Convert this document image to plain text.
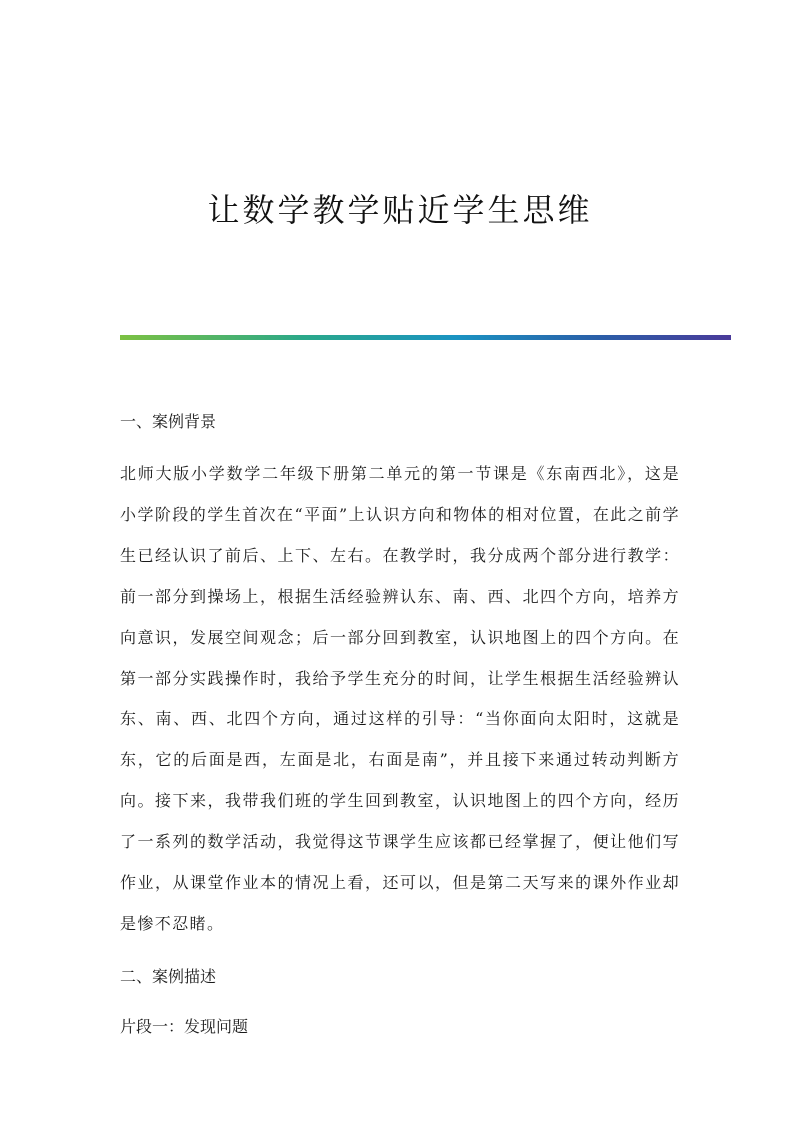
让数学教学贴近学生思维

一、案例背景

北师大版小学数学二年级下册第二单元的第一节课是《东南西北》，这是小学阶段的学生首次在“平面”上认识方向和物体的相对位置，在此之前学生已经认识了前后、上下、左右。在教学时，我分成两个部分进行教学：前一部分到操场上，根据生活经验辨认东、南、西、北四个方向，培养方向意识，发展空间观念；后一部分回到教室，认识地图上的四个方向。在第一部分实践操作时，我给予学生充分的时间，让学生根据生活经验辨认东、南、西、北四个方向，通过这样的引导：“当你面向太阳时，这就是东，它的后面是西，左面是北，右面是南”，并且接下来通过转动判断方向。接下来，我带我们班的学生回到教室，认识地图上的四个方向，经历了一系列的数学活动，我觉得这节课学生应该都已经掌握了，便让他们写作业，从课堂作业本的情况上看，还可以，但是第二天写来的课外作业却是惨不忍睹。

二、案例描述

片段一：发现问题
